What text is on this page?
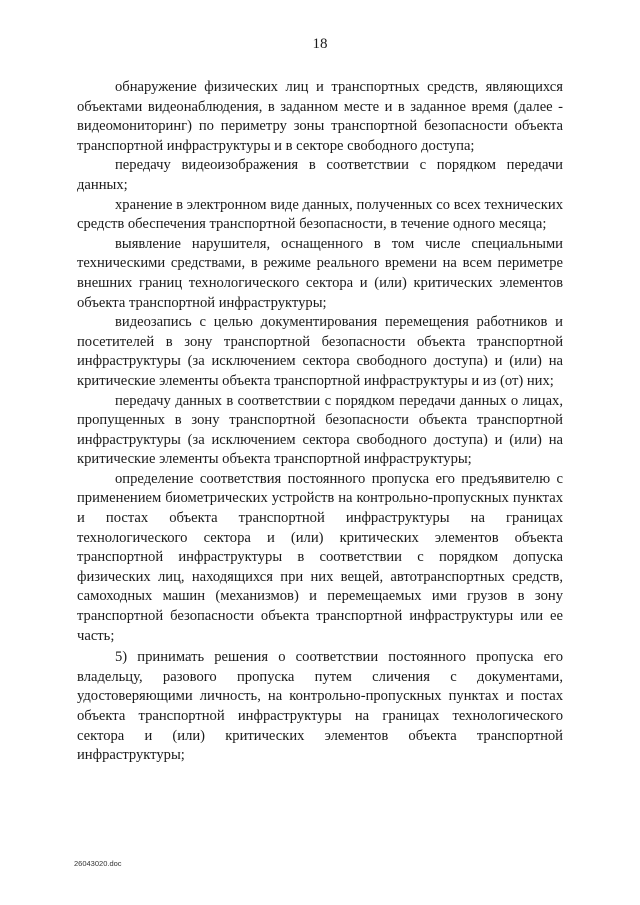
18

обнаружение физических лиц и транспортных средств, являющихся объектами видеонаблюдения, в заданном месте и в заданное время (далее - видеомониторинг) по периметру зоны транспортной безопасности объекта транспортной инфраструктуры и в секторе свободного доступа;

передачу видеоизображения в соответствии с порядком передачи данных;

хранение в электронном виде данных, полученных со всех технических средств обеспечения транспортной безопасности, в течение одного месяца;

выявление нарушителя, оснащенного в том числе специальными техническими средствами, в режиме реального времени на всем периметре внешних границ технологического сектора и (или) критических элементов объекта транспортной инфраструктуры;

видеозапись с целью документирования перемещения работников и посетителей в зону транспортной безопасности объекта транспортной инфраструктуры (за исключением сектора свободного доступа) и (или) на критические элементы объекта транспортной инфраструктуры и из (от) них;

передачу данных в соответствии с порядком передачи данных о лицах, пропущенных в зону транспортной безопасности объекта транспортной инфраструктуры (за исключением сектора свободного доступа) и (или) на критические элементы объекта транспортной инфраструктуры;

определение соответствия постоянного пропуска его предъявителю с применением биометрических устройств на контрольно-пропускных пунктах и постах объекта транспортной инфраструктуры на границах технологического сектора и (или) критических элементов объекта транспортной инфраструктуры в соответствии с порядком допуска физических лиц, находящихся при них вещей, автотранспортных средств, самоходных машин (механизмов) и перемещаемых ими грузов в зону транспортной безопасности объекта транспортной инфраструктуры или ее часть;

5) принимать решения о соответствии постоянного пропуска его владельцу, разового пропуска путем сличения с документами, удостоверяющими личность, на контрольно-пропускных пунктах и постах объекта транспортной инфраструктуры на границах технологического сектора и (или) критических элементов объекта транспортной инфраструктуры;

26043020.doc
